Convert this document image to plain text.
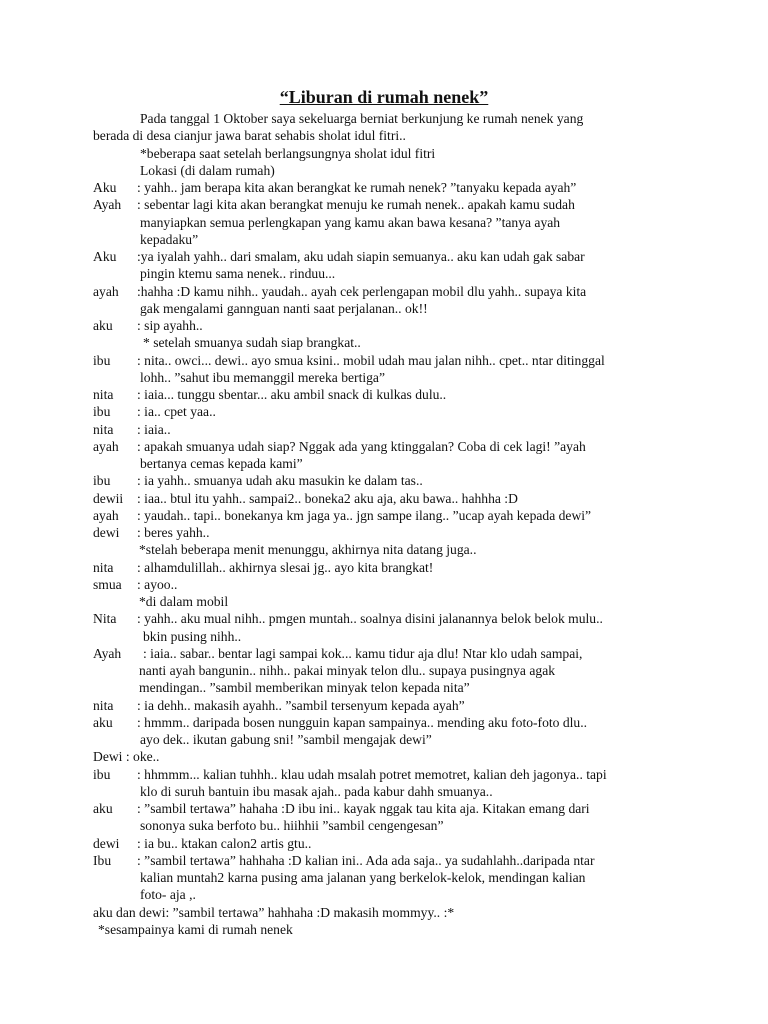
“Liburan di rumah nenek”
Pada tanggal 1 Oktober saya sekeluarga berniat berkunjung ke rumah nenek yang
berada di desa cianjur jawa barat sehabis sholat idul fitri..
*beberapa saat setelah berlangsungnya sholat idul fitri
Lokasi (di dalam rumah)
Aku : yahh.. jam berapa kita akan berangkat ke rumah nenek? ”tanyaku kepada ayah”
Ayah : sebentar lagi kita akan berangkat menuju ke rumah nenek.. apakah kamu sudah
manyiapkan semua perlengkapan yang kamu akan bawa kesana? ”tanya ayah
kepadaku”
Aku :ya iyalah yahh.. dari smalam, aku udah siapin semuanya.. aku kan udah gak sabar
pingin ktemu sama nenek.. rinduu...
ayah :hahha :D kamu nihh.. yaudah.. ayah cek perlengapan mobil dlu yahh.. supaya kita
gak mengalami gannguan nanti saat perjalanan.. ok!!
aku : sip ayahh..
* setelah smuanya sudah siap brangkat..
ibu : nita.. owci... dewi.. ayo smua ksini.. mobil udah mau jalan nihh.. cpet.. ntar ditinggal
lohh.. ”sahut ibu memanggil mereka bertiga”
nita : iaia... tunggu sbentar... aku ambil snack di kulkas dulu..
ibu : ia.. cpet yaa..
nita : iaia..
ayah : apakah smuanya udah siap? Nggak ada yang ktinggalan? Coba di cek lagi! ”ayah
bertanya cemas kepada kami”
ibu : ia yahh.. smuanya udah aku masukin ke dalam tas..
dewii : iaa.. btul itu yahh.. sampai2.. boneka2 aku aja, aku bawa.. hahhha :D
ayah : yaudah.. tapi.. bonekanya km jaga ya.. jgn sampe ilang.. ”ucap ayah kepada dewi”
dewi : beres yahh..
*stelah beberapa menit menunggu, akhirnya nita datang juga..
nita : alhamdulillah.. akhirnya slesai jg.. ayo kita brangkat!
smua : ayoo..
*di dalam mobil
Nita : yahh.. aku mual nihh.. pmgen muntah.. soalnya disini jalanannya belok belok mulu..
bkin pusing nihh..
Ayah : iaia.. sabar.. bentar lagi sampai kok... kamu tidur aja dlu! Ntar klo udah sampai,
nanti ayah bangunin.. nihh.. pakai minyak telon dlu.. supaya pusingnya agak
mendingan.. ”sambil memberikan minyak telon kepada nita”
nita : ia dehh.. makasih ayahh.. ”sambil tersenyum kepada ayah”
aku : hmmm.. daripada bosen nungguin kapan sampainya.. mending aku foto-foto dlu..
ayo dek.. ikutan gabung sni! ”sambil mengajak dewi”
Dewi : oke..
ibu : hhmmm... kalian tuhhh.. klau udah msalah potret memotret, kalian deh jagonya.. tapi
klo di suruh bantuin ibu masak ajah.. pada kabur dahh smuanya..
aku : ”sambil tertawa” hahaha :D ibu ini.. kayak nggak tau kita aja. Kitakan emang dari
sononya suka berfoto bu.. hiihhii ”sambil cengengesan”
dewi : ia bu.. ktakan calon2 artis gtu..
Ibu : ”sambil tertawa” hahhaha :D kalian ini.. Ada ada saja.. ya sudahlahh..daripada ntar
kalian muntah2 karna pusing ama jalanan yang berkelok-kelok, mendingan kalian
foto- aja ,.
aku dan dewi: ”sambil tertawa” hahhaha :D makasih mommyy.. :*
*sesampainya kami di rumah nenek
